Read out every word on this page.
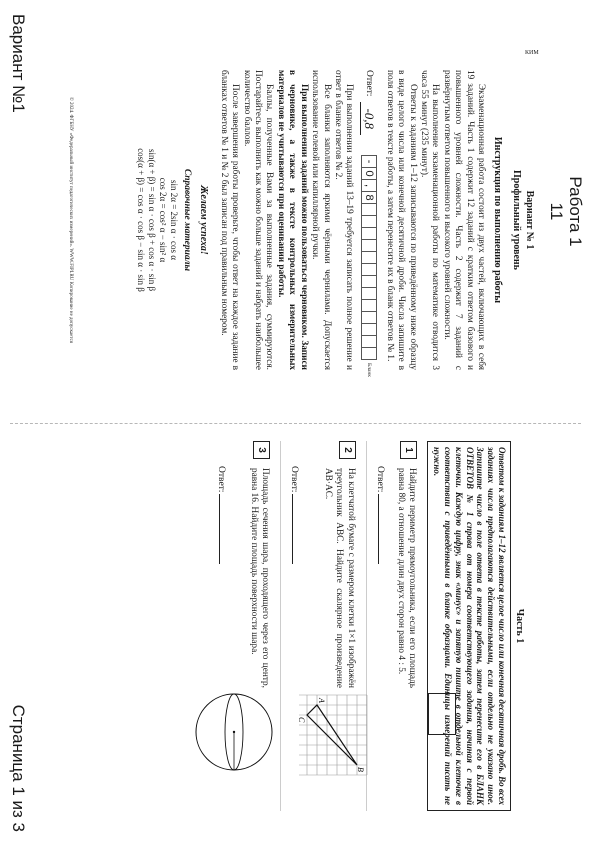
Работа 1
11
КИМ
Вариант № 1
Профильный уровень
Инструкция по выполнению работы
Экзаменационная работа состоит из двух частей, включающих в себя 19 заданий. Часть 1 содержит 12 заданий с кратким ответом базового и повышенного уровней сложности. Часть 2 содержит 7 заданий с развёрнутым ответом повышенного и высокого уровней сложности.
На выполнение экзаменационной работы по математике отводится 3 часа 55 минут (235 минут).
Ответы к заданиям 1–12 записываются по приведённому ниже образцу в виде целого числа или конечной десятичной дроби. Числа запишите в поля ответов в тексте работы, а затем перенесите их в бланк ответов № 1.
Ответ:
-0,8
-
0
,
8
Бланк
При выполнении заданий 13–19 требуется записать полное решение и ответ в бланке ответов № 2.
Все бланки заполняются яркими чёрными чернилами. Допускается использование гелевой или капиллярной ручки.
При выполнении заданий можно пользоваться черновиком. Записи в черновике, а также в тексте контрольных измерительных материалов не учитываются при оценивании работы.
Баллы, полученные Вами за выполненные задания, суммируются. Постарайтесь выполнить как можно больше заданий и набрать наибольшее количество баллов.
После завершения работы проверьте, чтобы ответ на каждое задание в бланках ответов № 1 и № 2 был записан под правильным номером.
Желаем успеха!
Справочные материалы
sin 2α = 2sin α · cos α
cos 2α = cos² α − sin² α
sin(α + β) = sin α · cos β + cos α · sin β
cos(α + β) = cos α · cos β − sin α · sin β
© 2024. ФГБНУ «Федеральный институт педагогических измерений». WWW.FIPI.RU Копирование не допускается
Вариант №1
Часть 1
Ответом к заданиям 1–12 является целое число или конечная десятичная дробь. Во всех заданиях числа предполагаются действительными, если отдельно не указано иное. Запишите число в поле ответа в тексте работы, затем перенесите его в БЛАНК ОТВЕТОВ № 1 справа от номера соответствующего задания, начиная с первой клеточки. Каждую цифру, знак «минус» и запятую пишите в отдельной клеточке в соответствии с приведёнными в бланке образцами. Единицы измерений писать не нужно.
1
Найдите периметр прямоугольника, если его площадь равна 80, а отношение длин двух сторон равно 4 : 5.
Ответ:
2
На клетчатой бумаге с размером клетки 1×1 изображён треугольник ABC. Найдите скалярное произведение AB·AC.
Ответ:
3
Площадь сечения шара, проходящего через его центр, равна 16. Найдите площадь поверхности шара.
Ответ:
A
B
C
Страница 1 из 3
